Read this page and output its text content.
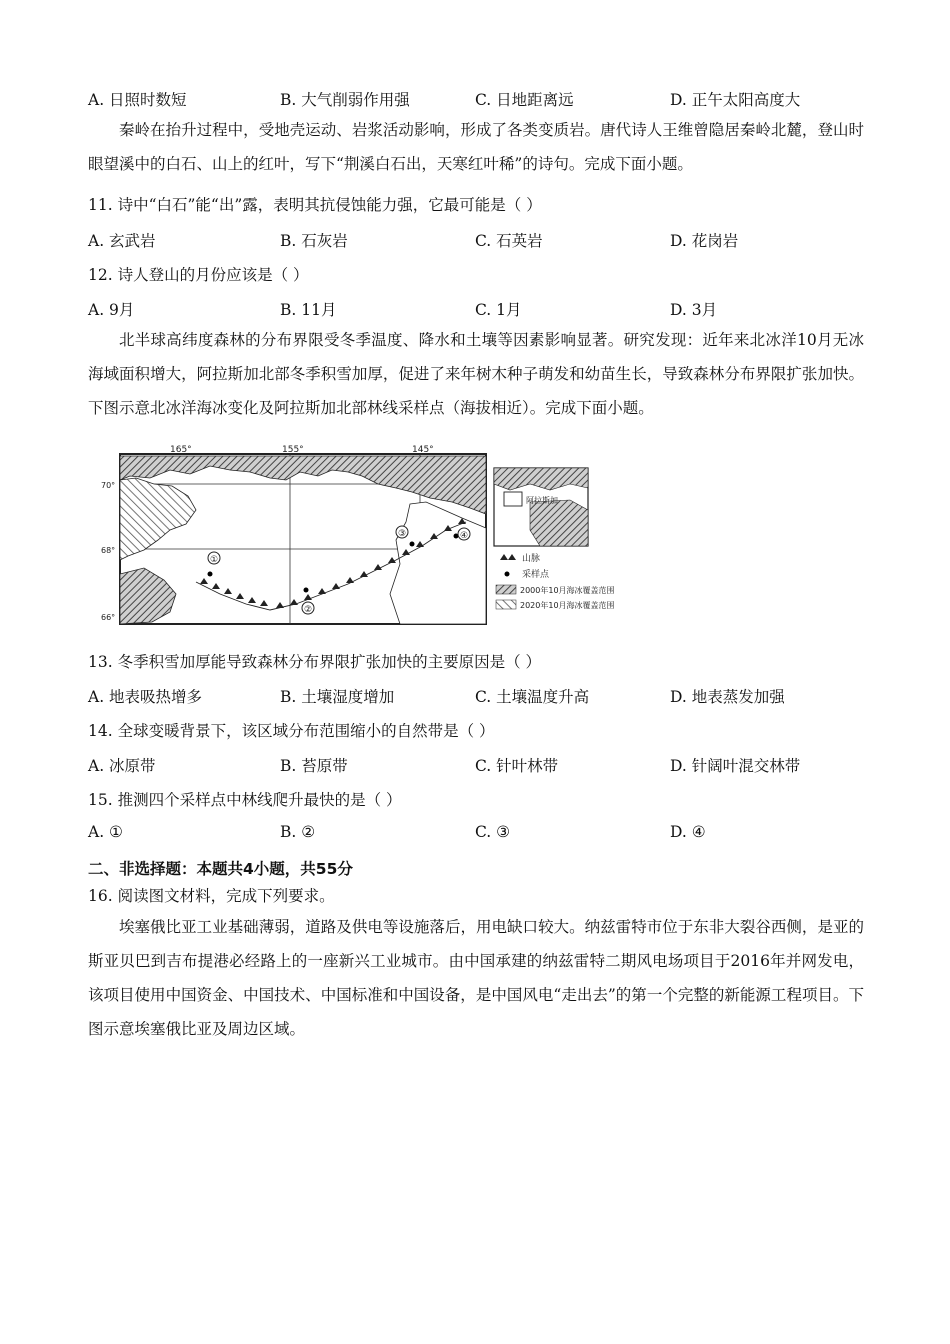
A. 日照时数短	B. 大气削弱作用强	C. 日地距离远	D. 正午太阳高度大

秦岭在抬升过程中，受地壳运动、岩浆活动影响，形成了各类变质岩。唐代诗人王维曾隐居秦岭北麓，登山时眼望溪中的白石、山上的红叶，写下“荆溪白石出，天寒红叶稀”的诗句。完成下面小题。

11. 诗中“白石”能“出”露，表明其抗侵蚀能力强，它最可能是（ ）
A. 玄武岩	B. 石灰岩	C. 石英岩	D. 花岗岩
12. 诗人登山的月份应该是（ ）
A. 9月	B. 11月	C. 1月	D. 3月

北半球高纬度森林的分布界限受冬季温度、降水和土壤等因素影响显著。研究发现：近年来北冰洋10月无冰海域面积增大，阿拉斯加北部冬季积雪加厚，促进了来年树木种子萌发和幼苗生长，导致森林分布界限扩张加快。下图示意北冰洋海冰变化及阿拉斯加北部林线采样点（海拔相近）。完成下面小题。

①
②
③	④
165°	155°	145°
70°
68°
66°
阿拉斯加
山脉
采样点
2000年10月海冰覆盖范围
2020年10月海冰覆盖范围
13. 冬季积雪加厚能导致森林分布界限扩张加快的主要原因是（ ）
A. 地表吸热增多	B. 土壤湿度增加	C. 土壤温度升高	D. 地表蒸发加强
14. 全球变暖背景下，该区域分布范围缩小的自然带是（ ）
A. 冰原带	B. 苔原带	C. 针叶林带	D. 针阔叶混交林带
15. 推测四个采样点中林线爬升最快的是（ ）
A. ①	B. ②	C. ③	D. ④
二、非选择题：本题共4小题，共55分
16. 阅读图文材料，完成下列要求。

埃塞俄比亚工业基础薄弱，道路及供电等设施落后，用电缺口较大。纳兹雷特市位于东非大裂谷西侧，是亚的斯亚贝巴到吉布提港必经路上的一座新兴工业城市。由中国承建的纳兹雷特二期风电场项目于2016年并网发电，该项目使用中国资金、中国技术、中国标准和中国设备，是中国风电“走出去”的第一个完整的新能源工程项目。下图示意埃塞俄比亚及周边区域。
